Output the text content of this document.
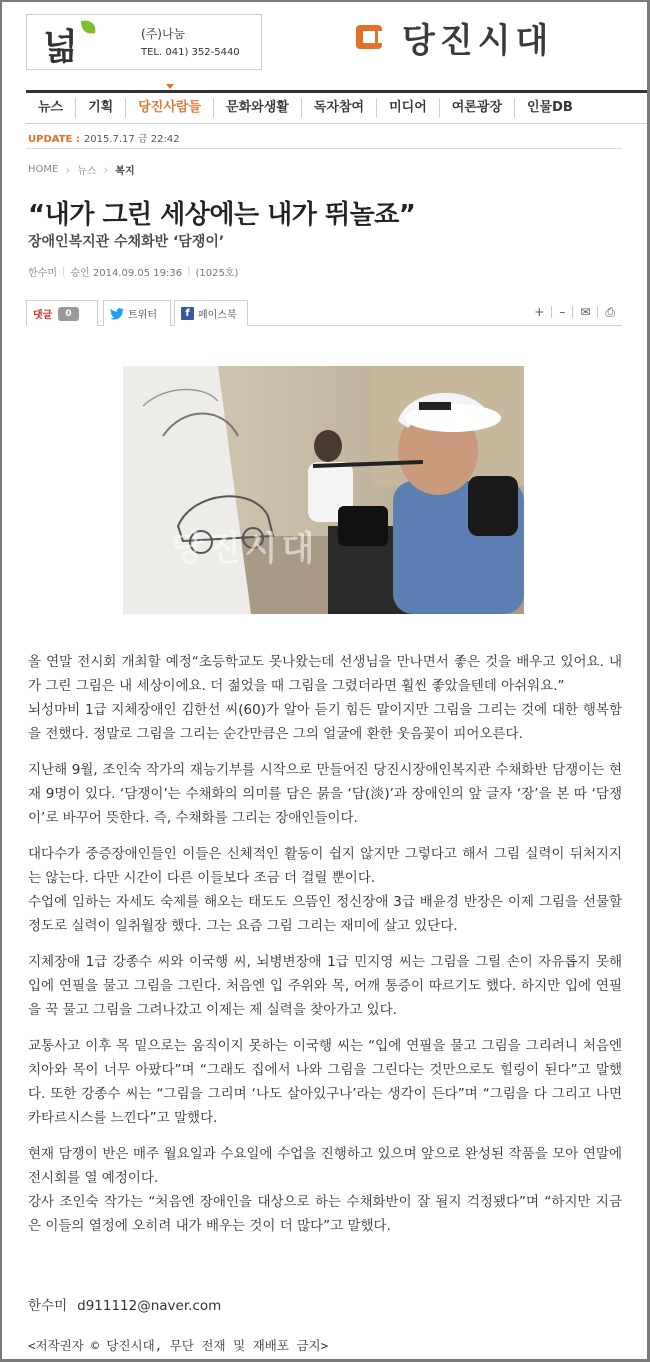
넒	(주)나눔
TEL. 041) 352-5440	당진시대
뉴스	기획	당진사람들	문화와생활	독자참여	미디어	여론광장	인물DB
UPDATE : 2015.7.17 금 22:42
HOME › 뉴스 › 복지
“내가 그린 세상에는 내가 뛰놀죠”
장애인복지관 수채화반 ‘담쟁이’
한수미 | 승인 2014.09.05 19:36 | (1025호)
댓글	0	트위터	f 페이스북	+	–	✉	⎙
당진시대

올 연말 전시회 개최할 예정“초등학교도 못나왔는데 선생님을 만나면서 좋은 것을 배우고 있어요. 내가 그린 그림은 내 세상이에요. 더 젊었을 때 그림을 그렸더라면 훨씬 좋았을텐데 아쉬워요.”
뇌성마비 1급 지체장애인 김한선 씨(60)가 알아 듣기 힘든 말이지만 그림을 그리는 것에 대한 행복함을 전했다. 정말로 그림을 그리는 순간만큼은 그의 얼굴에 환한 웃음꽃이 피어오른다.

지난해 9월, 조인숙 작가의 재능기부를 시작으로 만들어진 당진시장애인복지관 수채화반 담쟁이는 현재 9명이 있다. ‘담쟁이’는 수채화의 의미를 담은 묽을 ‘담(淡)’과 장애인의 앞 글자 ‘장’을 본 따 ‘담쟁이’로 바꾸어 뜻한다. 즉, 수채화를 그리는 장애인들이다.

대다수가 중증장애인들인 이들은 신체적인 활동이 쉽지 않지만 그렇다고 해서 그림 실력이 뒤처지지는 않는다. 다만 시간이 다른 이들보다 조금 더 걸릴 뿐이다.
수업에 임하는 자세도 숙제를 해오는 태도도 으뜸인 정신장애 3급 배윤경 반장은 이제 그림을 선물할 정도로 실력이 일취월장 했다. 그는 요즘 그림 그리는 재미에 살고 있단다.

지체장애 1급 강종수 씨와 이국행 씨, 뇌병변장애 1급 민지영 씨는 그림을 그릴 손이 자유롭지 못해 입에 연필을 물고 그림을 그린다. 처음엔 입 주위와 목, 어깨 통증이 따르기도 했다. 하지만 입에 연필을 꾹 물고 그림을 그려나갔고 이제는 제 실력을 찾아가고 있다.

교통사고 이후 목 밑으로는 움직이지 못하는 이국행 씨는 “입에 연필을 물고 그림을 그리려니 처음엔 치아와 목이 너무 아팠다”며 “그래도 집에서 나와 그림을 그린다는 것만으로도 힐링이 된다”고 말했다. 또한 강종수 씨는 “그림을 그리며 ‘나도 살아있구나’라는 생각이 든다”며 “그림을 다 그리고 나면 카타르시스를 느낀다”고 말했다.

현재 담쟁이 반은 매주 월요일과 수요일에 수업을 진행하고 있으며 앞으로 완성된 작품을 모아 연말에 전시회를 열 예정이다.
강사 조인숙 작가는 “처음엔 장애인을 대상으로 하는 수채화반이 잘 될지 걱정됐다”며 “하지만 지금은 이들의 열정에 오히려 내가 배우는 것이 더 많다”고 말했다.

한수미 d911112@naver.com
<저작권자 © 당진시대, 무단 전재 및 재배포 금지>
